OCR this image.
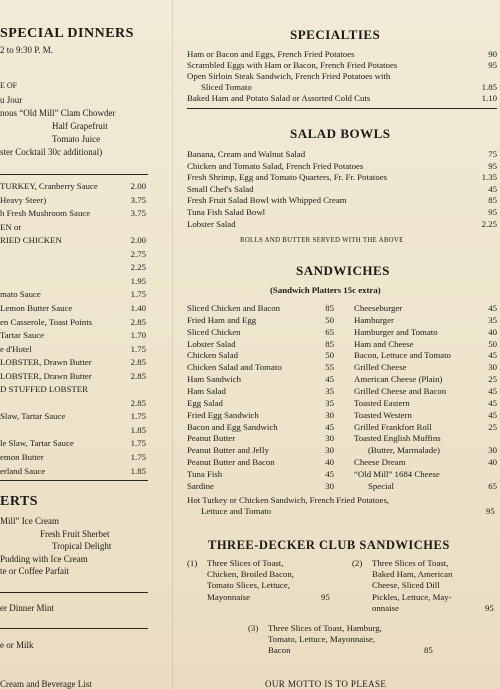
SPECIAL DINNERS
2 to 9:30 P. M.
E OF
u Jour
nous “Old Mill” Clam Chowder
Half Grapefruit
Tomato Juice
ster Cocktail 30c additional)
TURKEY, Cranberry Sauce	2.00
Heavy Steer)	3.75
h Fresh Mushroom Sauce	3.75
EN or
RIED CHICKEN	2.00
2.75
2.25
1.95
mato Sauce	1.75
Lemon Butter Sauce	1.40
en Casserole, Toast Points	2.85
Tartar Sauce	1.70
e d'Hotel	1.75
LOBSTER, Drawn Butter	2.85
LOBSTER, Drawn Butter	2.85
D STUFFED LOBSTER
2.85
Slaw, Tartar Sauce	1.75
1.85
le Slaw, Tartar Sauce	1.75
emon Butter	1.75
erland Sauce	1.85
ERTS
Mill” Ice Cream
Fresh Fruit Sherbet
Tropical Delight
Pudding with Ice Cream
te or Coffee Parfait
er Dinner Mint
e or Milk
Cream and Beverage List
SPECIALTIES
Ham or Bacon and Eggs, French Fried Potatoes	90
Scrambled Eggs with Ham or Bacon, French Fried Potatoes	95
Open Sirloin Steak Sandwich, French Fried Potatoes with
Sliced Tomato	1.85
Baked Ham and Potato Salad or Assorted Cold Cuts	1.10
SALAD BOWLS
Banana, Cream and Walnut Salad	75
Chicken and Tomato Salad, French Fried Potatoes	95
Fresh Shrimp, Egg and Tomato Quarters, Fr. Fr. Potatoes	1.35
Small Chef's Salad	45
Fresh Fruit Salad Bowl with Whipped Cream	85
Tuna Fish Salad Bowl	95
Lobster Salad	2.25
ROLLS AND BUTTER SERVED WITH THE ABOVE
SANDWICHES
(Sandwich Platters 15c extra)
Sliced Chicken and Bacon	85
Fried Ham and Egg	50
Sliced Chicken	65
Lobster Salad	85
Chicken Salad	50
Chicken Salad and Tomato	55
Ham Sandwich	45
Ham Salad	35
Egg Salad	35
Fried Egg Sandwich	30
Bacon and Egg Sandwich	45
Peanut Butter	30
Peanut Butter and Jelly	30
Peanut Butter and Bacon	40
Tuna Fish	45
Sardine	30
Cheeseburger	45
Hamburger	35
Hamburger and Tomato	40
Ham and Cheese	50
Bacon, Lettuce and Tomato	45
Grilled Cheese	30
American Cheese (Plain)	25
Grilled Cheese and Bacon	45
Toasted Eastern	45
Toasted Western	45
Grilled Frankfort Roll	25
Toasted English Muffins
(Butter, Marmalade)	30
Cheese Dream	40
“Old Mill” 1684 Cheese
Special	65
Hot Turkey or Chicken Sandwich, French Fried Potatoes,
Lettuce and Tomato	95
THREE-DECKER CLUB SANDWICHES
(1) Three Slices of Toast,
Chicken, Broiled Bacon,
Tomato Slices, Lettuce,
Mayonnaise	95
(2) Three Slices of Toast,
Baked Ham, American
Cheese, Sliced Dill
Pickles, Lettuce, May-
onnaise	95
(3) Three Slices of Toast, Hamburg,
Tomato, Lettuce, Mayonnaise,
Bacon	85
OUR MOTTO IS TO PLEASE
